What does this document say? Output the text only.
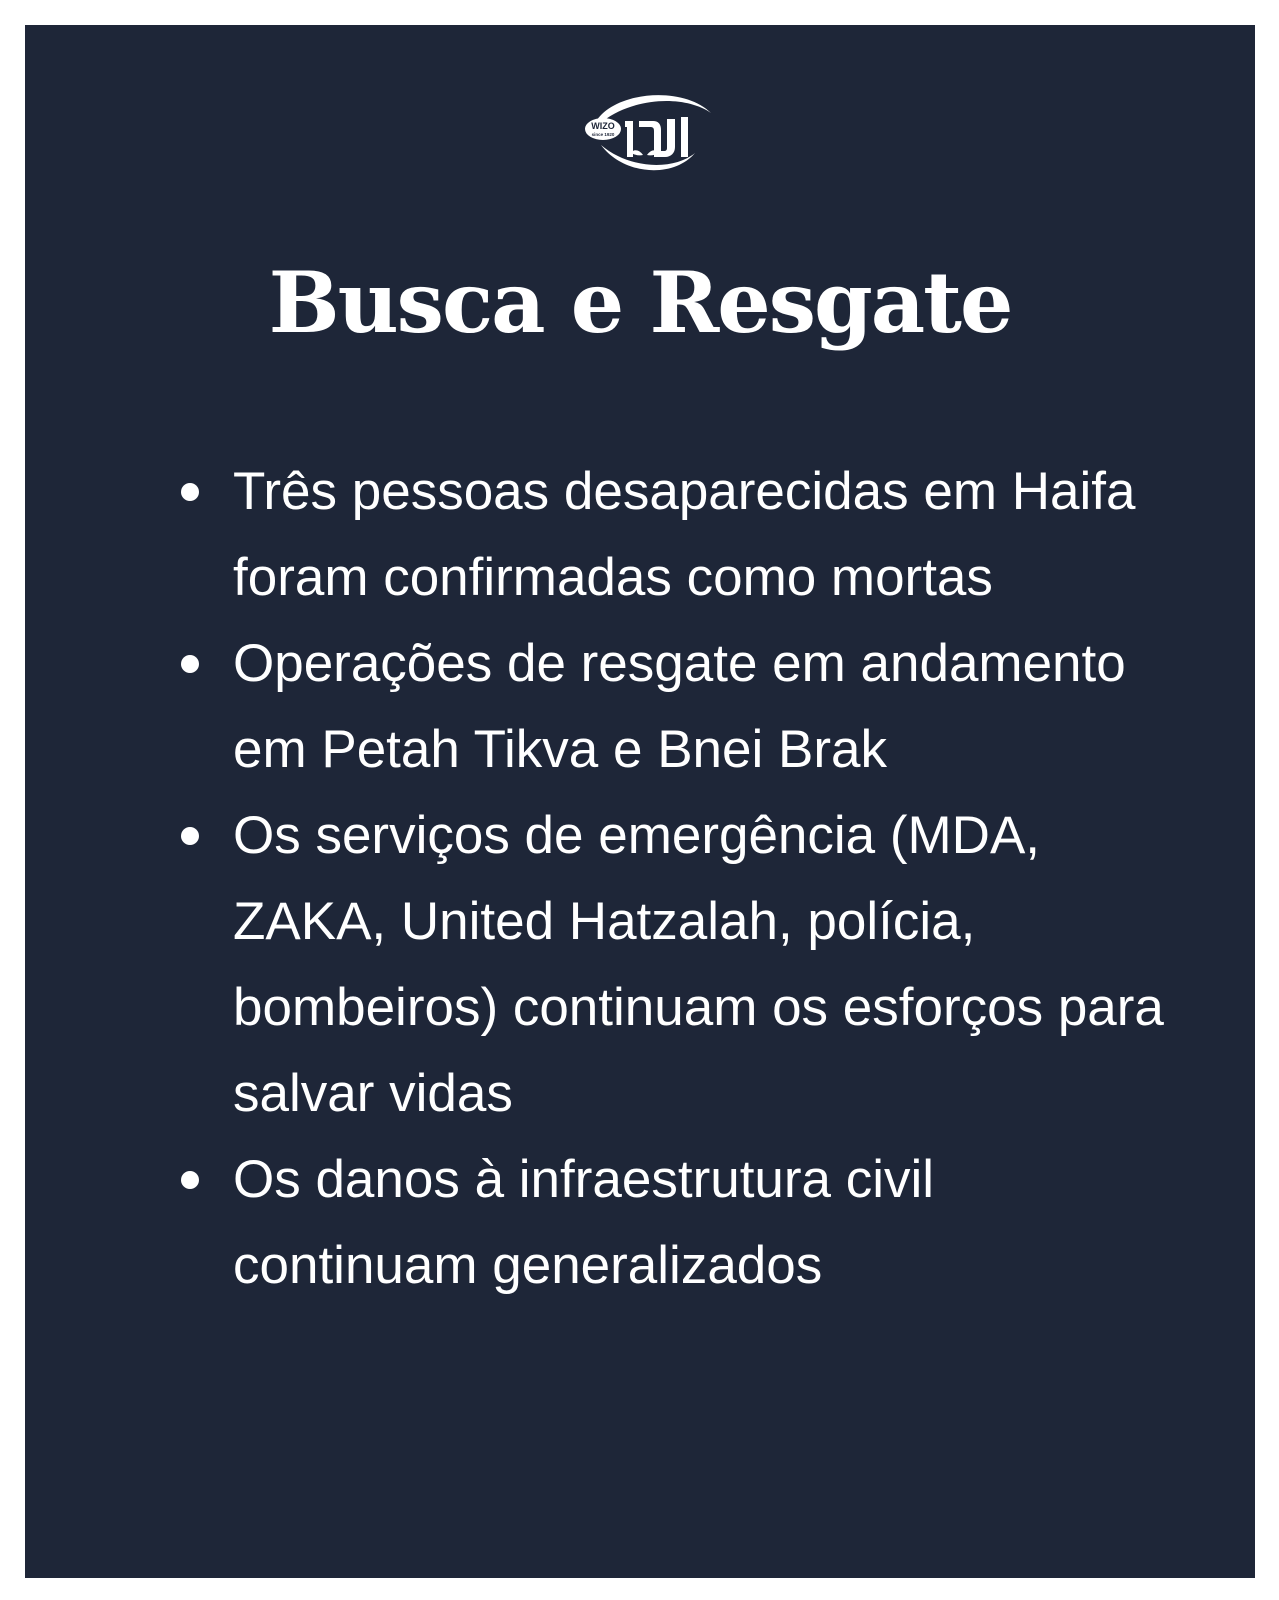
WIZO
since 1920
Busca e Resgate
Três pessoas desaparecidas em Haifa foram confirmadas como mortas
Operações de resgate em andamento em Petah Tikva e Bnei Brak
Os serviços de emergência (MDA, ZAKA, United Hatzalah, polícia, bombeiros) continuam os esforços para salvar vidas
Os danos à infraestrutura civil continuam generalizados
